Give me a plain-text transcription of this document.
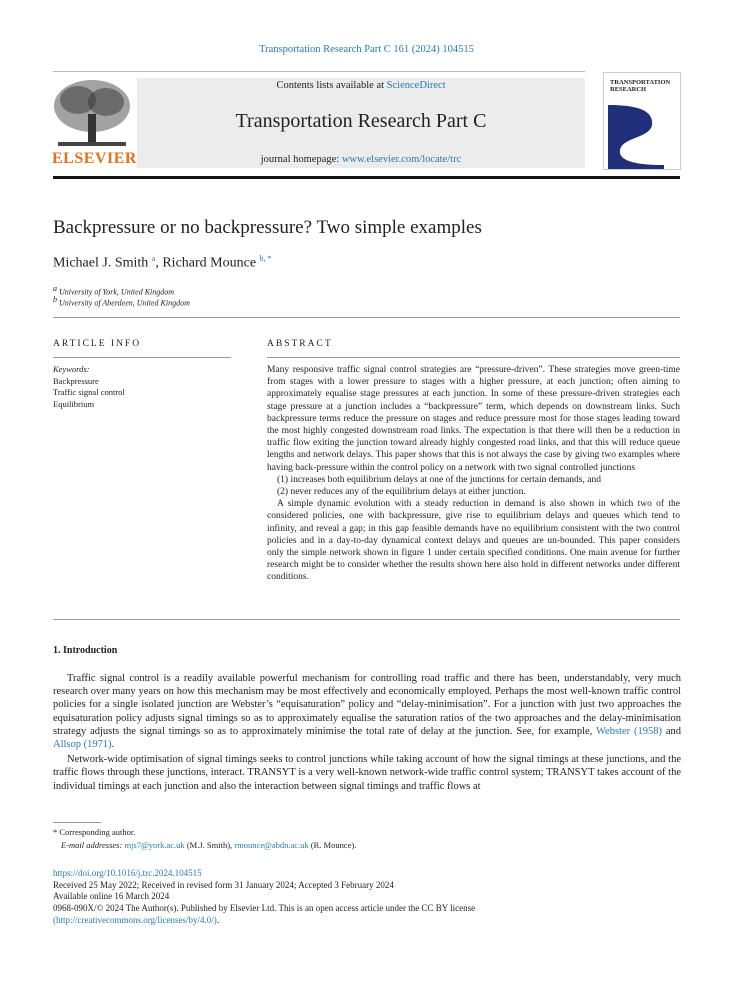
Transportation Research Part C 161 (2024) 104515
ELSEVIER
Contents lists available at ScienceDirect
Transportation Research Part C
journal homepage: www.elsevier.com/locate/trc
TRANSPORTATION
RESEARCH
Backpressure or no backpressure? Two simple examples
Michael J. Smith $^a$, Richard Mounce $^{b, *}$
$^a$ University of York, United Kingdom
$^b$ University of Aberdeen, United Kingdom
ARTICLE INFO
Keywords:
Backpressure
Traffic signal control
Equilibrium
ABSTRACT

Many responsive traffic signal control strategies are “pressure-driven”. These strategies move green-time from stages with a lower pressure to stages with a higher pressure, at each junction; often aiming to approximately equalise stage pressures at each junction. In some of these pressure-driven strategies each stage pressure at a junction includes a “backpressure” term, which depends on downstream links. Such backpressure terms reduce the pressure on stages and reduce pressure most for those stages leading toward the most highly congested downstream road links. The expectation is that there will then be a reduction in traffic flow exiting the junction toward already highly congested road links, and that this will reduce queue lengths and network delays. This paper shows that this is not always the case by giving two examples where having back-pressure within the control policy on a network with two signal controlled junctions

(1) increases both equilibrium delays at one of the junctions for certain demands, and

(2) never reduces any of the equilibrium delays at either junction.

A simple dynamic evolution with a steady reduction in demand is also shown in which two of the considered policies, one with backpressure, give rise to equilibrium delays and queues which tend to infinity, and reveal a gap; in this gap feasible demands have no equilibrium consistent with the two control policies and in a day-to-day dynamical context delays and queues are un-bounded. This paper considers only the simple network shown in figure 1 under certain specified conditions. One main avenue for further research might be to consider whether the results shown here also hold in different networks under different conditions.

1. Introduction

Traffic signal control is a readily available powerful mechanism for controlling road traffic and there has been, understandably, very much research over many years on how this mechanism may be most effectively and economically employed. Perhaps the most well-known traffic control policies for a single isolated junction are Webster’s “equisaturation” policy and “delay-minimisation”. For a junction with just two approaches the equisaturation policy adjusts signal timings so as to approximately equalise the saturation ratios of the two approaches and the delay-minimisation strategy adjusts the signal timings so as to approximately minimise the total rate of delay at the junction. See, for example, Webster (1958) and Allsop (1971).

Network-wide optimisation of signal timings seeks to control junctions while taking account of how the signal timings at these junctions, and the traffic flows through these junctions, interact. TRANSYT is a very well-known network-wide traffic control system; TRANSYT takes account of the individual timings at each junction and also the interaction between signal timings and traffic flows at

* Corresponding author.
E-mail addresses: mjs7@york.ac.uk (M.J. Smith), rmounce@abdn.ac.uk (R. Mounce).
https://doi.org/10.1016/j.trc.2024.104515
Received 25 May 2022; Received in revised form 31 January 2024; Accepted 3 February 2024
Available online 16 March 2024
0968-090X/© 2024 The Author(s). Published by Elsevier Ltd. This is an open access article under the CC BY license
(http://creativecommons.org/licenses/by/4.0/).
